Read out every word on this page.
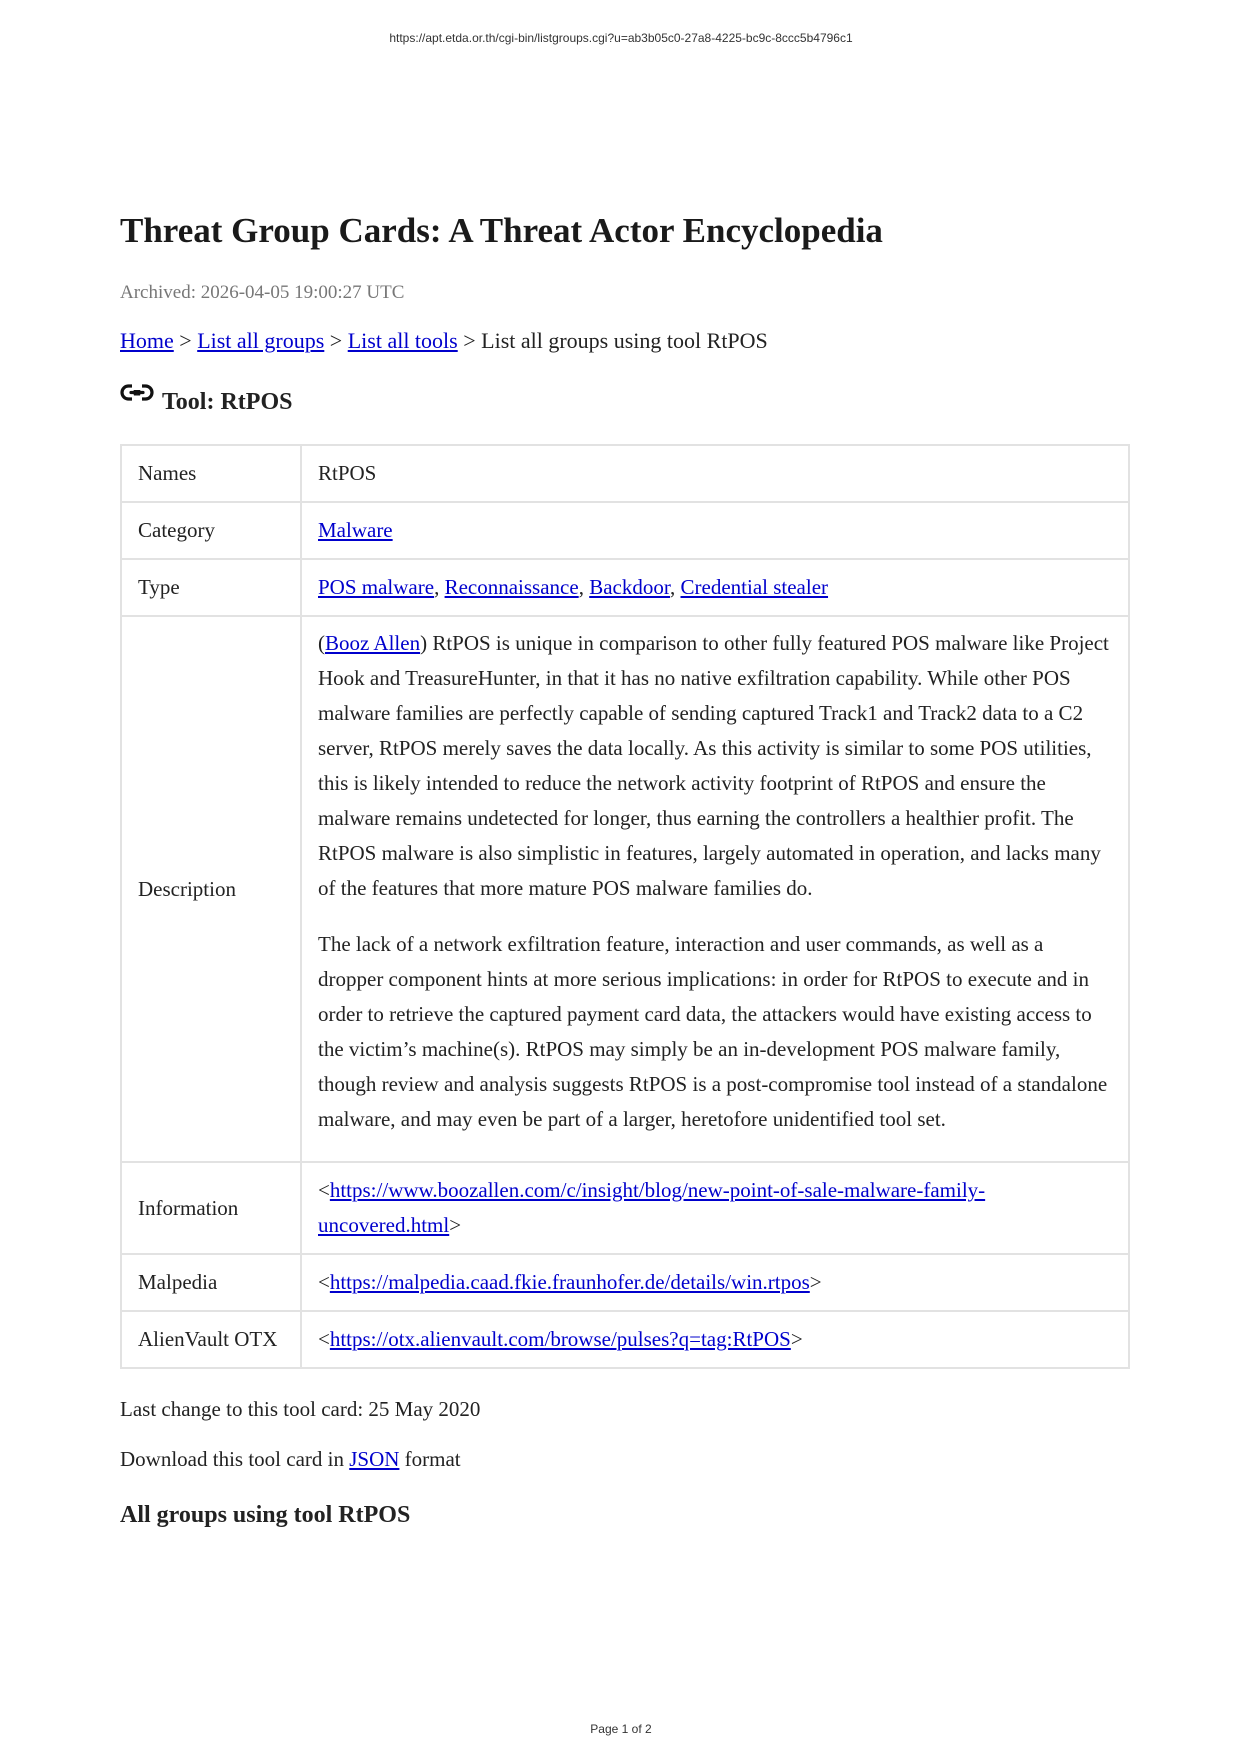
https://apt.etda.or.th/cgi-bin/listgroups.cgi?u=ab3b05c0-27a8-4225-bc9c-8ccc5b4796c1
Threat Group Cards: A Threat Actor Encyclopedia
Archived: 2026-04-05 19:00:27 UTC
Home > List all groups > List all tools > List all groups using tool RtPOS
Tool: RtPOS
Names	RtPOS
Category	Malware
Type	POS malware, Reconnaissance, Backdoor, Credential stealer
Description	(Booz Allen) RtPOS is unique in comparison to other fully featured POS malware like Project Hook and TreasureHunter, in that it has no native exfiltration capability. While other POS malware families are perfectly capable of sending captured Track1 and Track2 data to a C2 server, RtPOS merely saves the data locally. As this activity is similar to some POS utilities, this is likely intended to reduce the network activity footprint of RtPOS and ensure the malware remains undetected for longer, thus earning the controllers a healthier profit. The RtPOS malware is also simplistic in features, largely automated in operation, and lacks many of the features that more mature POS malware families do.

The lack of a network exfiltration feature, interaction and user commands, as well as a dropper component hints at more serious implications: in order for RtPOS to execute and in order to retrieve the captured payment card data, the attackers would have existing access to the victim’s machine(s). RtPOS may simply be an in-development POS malware family, though review and analysis suggests RtPOS is a post-compromise tool instead of a standalone malware, and may even be part of a larger, heretofore unidentified tool set.

Information	<https://www.boozallen.com/c/insight/blog/new-point-of-sale-malware-family-uncovered.html>
Malpedia	<https://malpedia.caad.fkie.fraunhofer.de/details/win.rtpos>
AlienVault OTX	<https://otx.alienvault.com/browse/pulses?q=tag:RtPOS>
Last change to this tool card: 25 May 2020
Download this tool card in JSON format
All groups using tool RtPOS
Page 1 of 2
